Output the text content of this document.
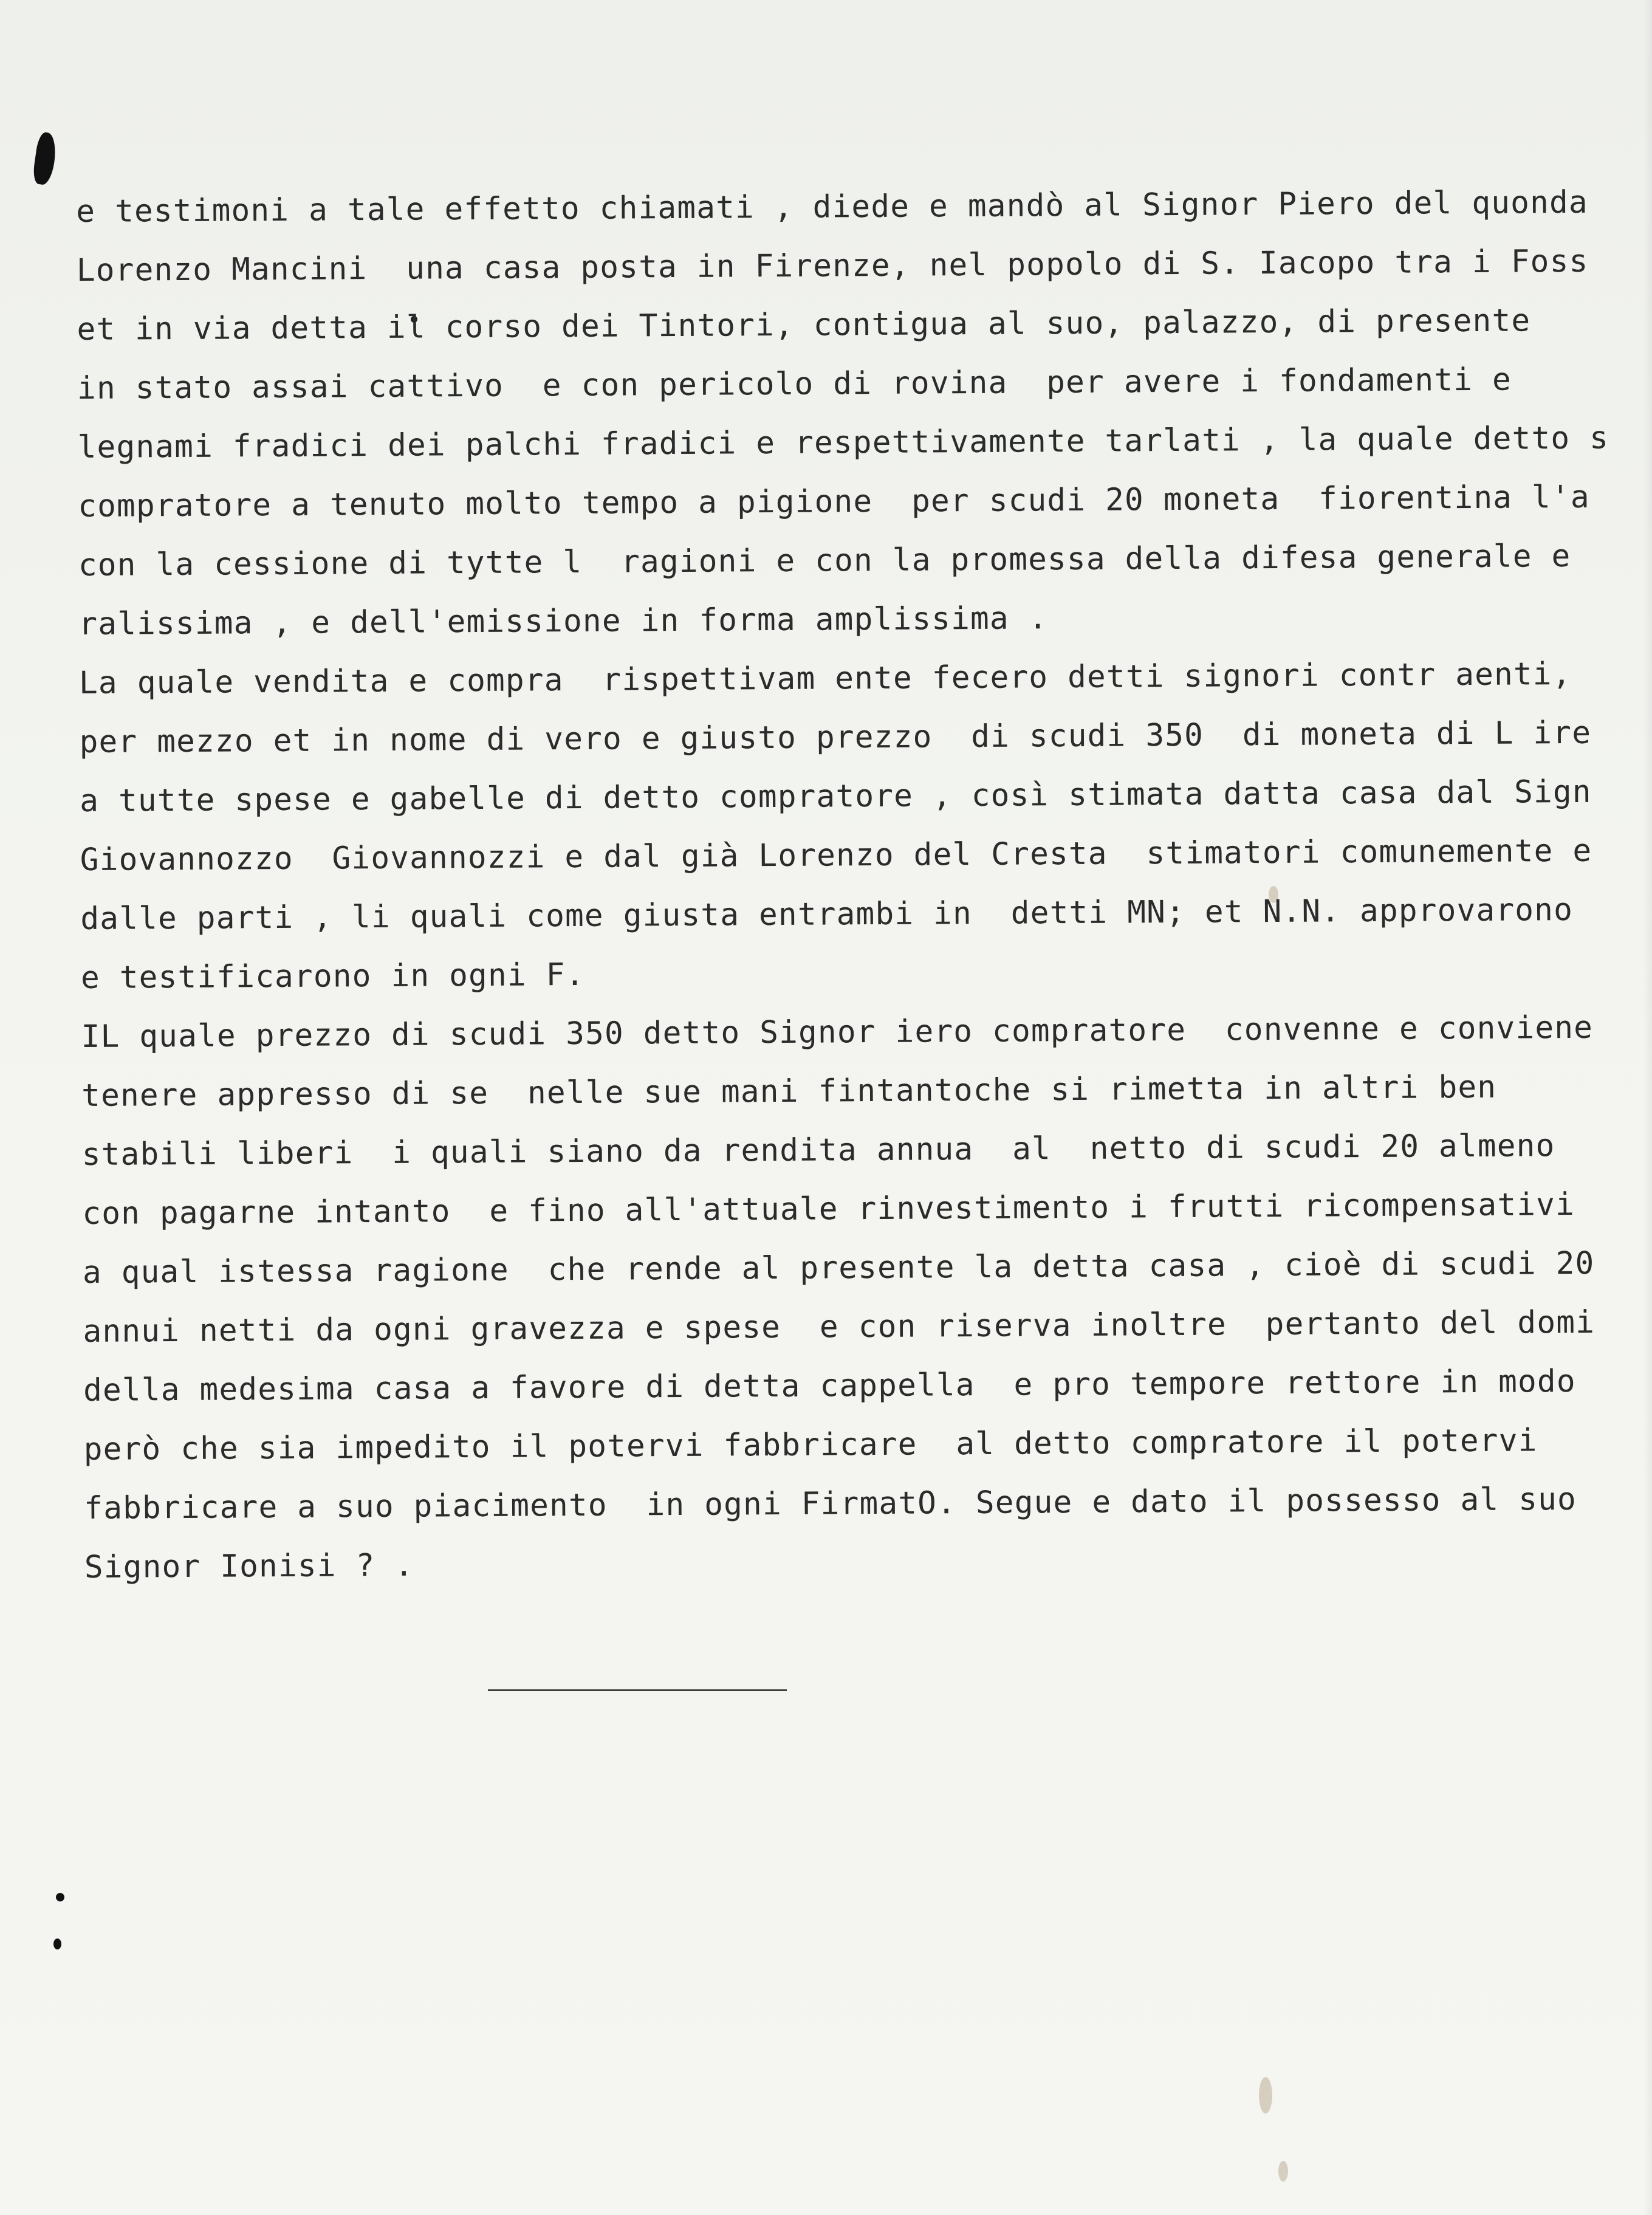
e testimoni a tale effetto chiamati , diede e mandò al Signor Piero del quonda
Lorenzo Mancini  una casa posta in Firenze, nel popolo di S. Iacopo tra i Foss
et in via detta il corso dei Tintori, contigua al suo, palazzo, di presente
in stato assai cattivo  e con pericolo di rovina  per avere i fondamenti e
legnami fradici dei palchi fradici e respettivamente tarlati , la quale detto s
compratore a tenuto molto tempo a pigione  per scudi 20 moneta  fiorentina l'a
con la cessione di tytte l  ragioni e con la promessa della difesa generale e
ralissima , e dell'emissione in forma amplissima .
La quale vendita e compra  rispettivam ente fecero detti signori contr aenti,
per mezzo et in nome di vero e giusto prezzo  di scudi 350  di moneta di L ire
a tutte spese e gabelle di detto compratore , così stimata datta casa dal Sign
Giovannozzo  Giovannozzi e dal già Lorenzo del Cresta  stimatori comunemente e
dalle parti , li quali come giusta entrambi in  detti MN; et N.N. approvarono
e testificarono in ogni F.
IL quale prezzo di scudi 350 detto Signor iero compratore  convenne e conviene
tenere appresso di se  nelle sue mani fintantoche si rimetta in altri ben
stabili liberi  i quali siano da rendita annua  al  netto di scudi 20 almeno
con pagarne intanto  e fino all'attuale rinvestimento i frutti ricompensativi
a qual istessa ragione  che rende al presente la detta casa , cioè di scudi 20
annui netti da ogni gravezza e spese  e con riserva inoltre  pertanto del domi
della medesima casa a favore di detta cappella  e pro tempore rettore in modo
però che sia impedito il potervi fabbricare  al detto compratore il potervi
fabbricare a suo piacimento  in ogni FirmatO. Segue e dato il possesso al suo
Signor Ionisi ? .
